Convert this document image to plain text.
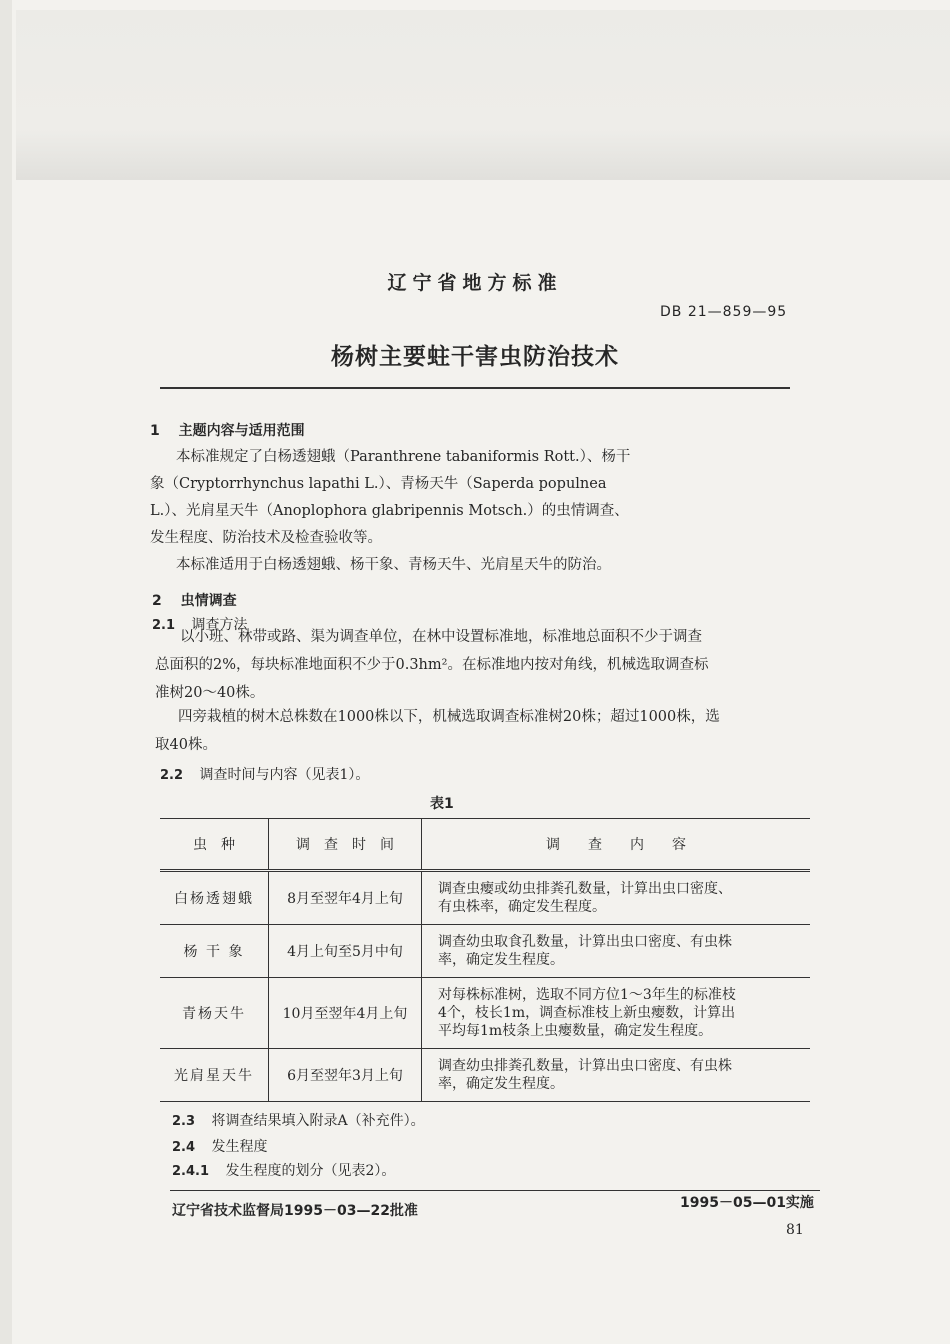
辽宁省地方标准
DB 21—859—95
杨树主要蛀干害虫防治技术
1 主题内容与适用范围
本标准规定了白杨透翅蛾（Paranthrene tabaniformis Rott.）、杨干
象（Cryptorrhynchus lapathi L.）、青杨天牛（Saperda populnea
L.）、光肩星天牛（Anoplophora glabripennis Motsch.）的虫情调查、
发生程度、防治技术及检查验收等。
本标准适用于白杨透翅蛾、杨干象、青杨天牛、光肩星天牛的防治。
2 虫情调查
2.1 调查方法
以小班、林带或路、渠为调查单位，在林中设置标准地，标准地总面积不少于调查
总面积的2%，每块标准地面积不少于0.3hm²。在标准地内按对角线，机械选取调查标
准树20～40株。
四旁栽植的树木总株数在1000株以下，机械选取调查标准树20株；超过1000株，选
取40株。
2.2 调查时间与内容（见表1）。
表1
虫　种	调　查　时　间	调　　查　　内　　容
白杨透翅蛾	8月至翌年4月上旬	调查虫瘿或幼虫排粪孔数量，计算出虫口密度、
有虫株率，确定发生程度。

杨 干 象	4月上旬至5月中旬	调查幼虫取食孔数量，计算出虫口密度、有虫株
率，确定发生程度。

青杨天牛	10月至翌年4月上旬	对每株标准树，选取不同方位1～3年生的标准枝
4个，枝长1m，调查标准枝上新虫瘿数，计算出
平均每1m枝条上虫瘿数量，确定发生程度。

光肩星天牛	6月至翌年3月上旬	调查幼虫排粪孔数量，计算出虫口密度、有虫株
率，确定发生程度。
2.3 将调查结果填入附录A（补充件）。
2.4 发生程度
2.4.1 发生程度的划分（见表2）。
辽宁省技术监督局1995－03—22批准	1995－05—01实施
81
